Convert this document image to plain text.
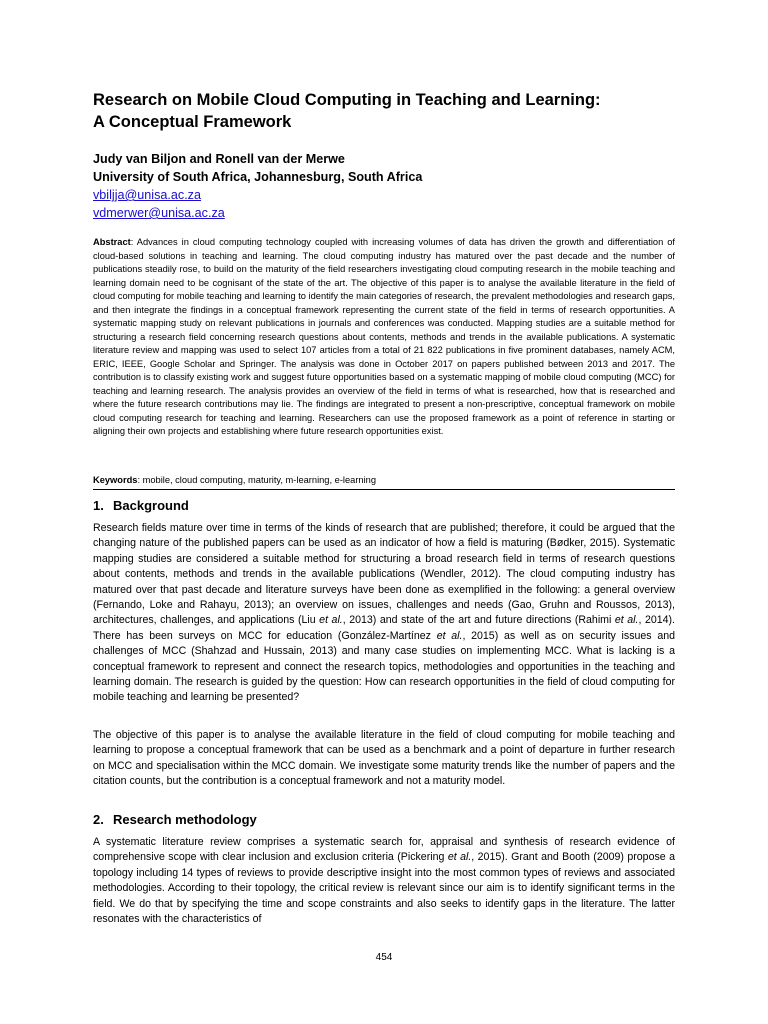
Research on Mobile Cloud Computing in Teaching and Learning:
A Conceptual Framework
Judy van Biljon and Ronell van der Merwe
University of South Africa, Johannesburg, South Africa
vbiljja@unisa.ac.za
vdmerwer@unisa.ac.za

Abstract: Advances in cloud computing technology coupled with increasing volumes of data has driven the growth and differentiation of cloud-based solutions in teaching and learning. The cloud computing industry has matured over the past decade and the number of publications steadily rose, to build on the maturity of the field researchers investigating cloud computing research in the mobile teaching and learning domain need to be cognisant of the state of the art. The objective of this paper is to analyse the available literature in the field of cloud computing for mobile teaching and learning to identify the main categories of research, the prevalent methodologies and research gaps, and then integrate the findings in a conceptual framework representing the current state of the field in terms of research opportunities. A systematic mapping study on relevant publications in journals and conferences was conducted. Mapping studies are a suitable method for structuring a research field concerning research questions about contents, methods and trends in the available publications. A systematic literature review and mapping was used to select 107 articles from a total of 21 822 publications in five prominent databases, namely ACM, ERIC, IEEE, Google Scholar and Springer. The analysis was done in October 2017 on papers published between 2013 and 2017. The contribution is to classify existing work and suggest future opportunities based on a systematic mapping of mobile cloud computing (MCC) for teaching and learning research. The analysis provides an overview of the field in terms of what is researched, how that is researched and where the future research contributions may lie. The findings are integrated to present a non-prescriptive, conceptual framework on mobile cloud computing research for teaching and learning. Researchers can use the proposed framework as a point of reference in starting or aligning their own projects and establishing where future research opportunities exist.

Keywords: mobile, cloud computing, maturity, m-learning, e-learning
1. Background

Research fields mature over time in terms of the kinds of research that are published; therefore, it could be argued that the changing nature of the published papers can be used as an indicator of how a field is maturing (Bødker, 2015). Systematic mapping studies are considered a suitable method for structuring a broad research field in terms of research questions about contents, methods and trends in the available publications (Wendler, 2012). The cloud computing industry has matured over that past decade and literature surveys have been done as exemplified in the following: a general overview (Fernando, Loke and Rahayu, 2013); an overview on issues, challenges and needs (Gao, Gruhn and Roussos, 2013), architectures, challenges, and applications (Liu et al., 2013) and state of the art and future directions (Rahimi et al., 2014). There has been surveys on MCC for education (González-Martínez et al., 2015) as well as on security issues and challenges of MCC (Shahzad and Hussain, 2013) and many case studies on implementing MCC. What is lacking is a conceptual framework to represent and connect the research topics, methodologies and opportunities in the teaching and learning domain. The research is guided by the question: How can research opportunities in the field of cloud computing for mobile teaching and learning be presented?

The objective of this paper is to analyse the available literature in the field of cloud computing for mobile teaching and learning to propose a conceptual framework that can be used as a benchmark and a point of departure in further research on MCC and specialisation within the MCC domain. We investigate some maturity trends like the number of papers and the citation counts, but the contribution is a conceptual framework and not a maturity model.

2. Research methodology

A systematic literature review comprises a systematic search for, appraisal and synthesis of research evidence of comprehensive scope with clear inclusion and exclusion criteria (Pickering et al., 2015). Grant and Booth (2009) propose a topology including 14 types of reviews to provide descriptive insight into the most common types of reviews and associated methodologies. According to their topology, the critical review is relevant since our aim is to identify significant terms in the field. We do that by specifying the time and scope constraints and also seeks to identify gaps in the literature. The latter resonates with the characteristics of

454
